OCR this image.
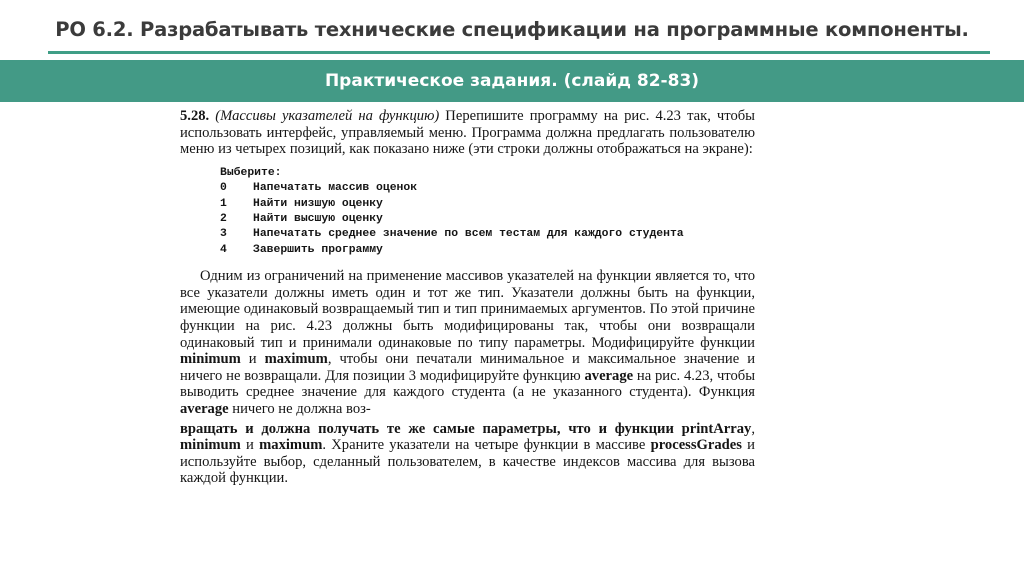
РО 6.2. Разрабатывать технические спецификации на программные компоненты.
Практическое задания. (слайд 82-83)

5.28. (Массивы указателей на функцию) Перепишите программу на рис. 4.23 так, чтобы использовать интерфейс, управляемый меню. Программа должна предлагать пользователю меню из четырех позиций, как показано ниже (эти строки должны отображаться на экране):

Выберите:
0	Напечатать массив оценок
1	Найти низшую оценку
2	Найти высшую оценку
3	Напечатать среднее значение по всем тестам для каждого студента
4	Завершить программу

Одним из ограничений на применение массивов указателей на функции является то, что все указатели должны иметь один и тот же тип. Указатели должны быть на функции, имеющие одинаковый возвращаемый тип и тип принимаемых аргументов. По этой причине функции на рис. 4.23 должны быть модифицированы так, чтобы они возвращали одинаковый тип и принимали одинаковые по типу параметры. Модифицируйте функции minimum и maximum, чтобы они печатали минимальное и максимальное значение и ничего не возвращали. Для позиции 3 модифицируйте функцию average на рис. 4.23, чтобы выводить среднее значение для каждого студента (а не указанного студента). Функция average ничего не должна воз-

вращать и должна получать те же самые параметры, что и функции printArray, minimum и maximum. Храните указатели на четыре функции в массиве processGrades и используйте выбор, сделанный пользователем, в качестве индексов массива для вызова каждой функции.
